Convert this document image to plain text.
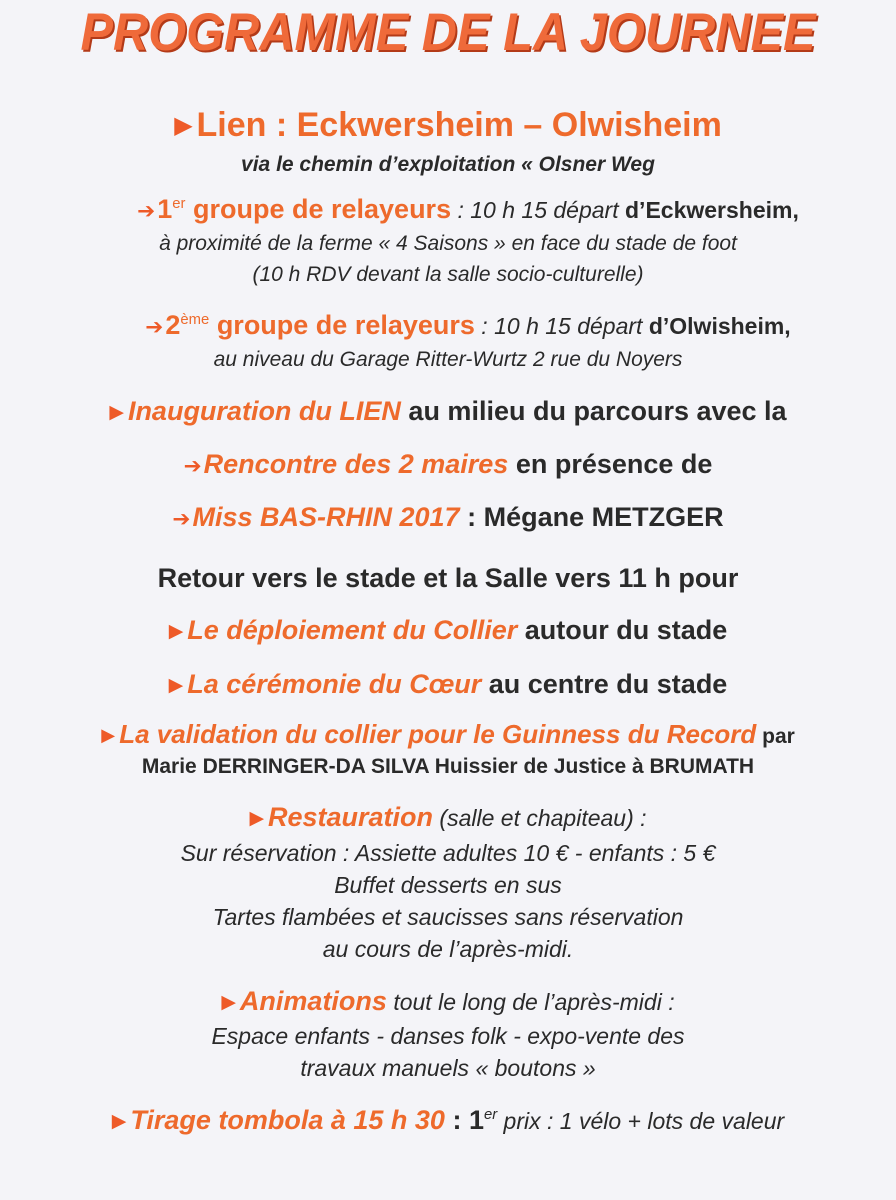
PROGRAMME DE LA JOURNEE
▶ Lien : Eckwersheim – Olwisheim
via le chemin d’exploitation « Olsner Weg
➔1er groupe de relayeurs : 10 h 15 départ d’Eckwersheim,
à proximité de la ferme « 4 Saisons » en face du stade de foot
(10 h RDV devant la salle socio-culturelle)
➔2ème groupe de relayeurs : 10 h 15 départ d’Olwisheim,
au niveau du Garage Ritter-Wurtz 2 rue du Noyers
▶ Inauguration du LIEN au milieu du parcours avec la
➔Rencontre des 2 maires en présence de
➔Miss BAS-RHIN 2017 : Mégane METZGER
Retour vers le stade et la Salle vers 11 h pour
▶ Le déploiement du Collier autour du stade
▶ La cérémonie du Cœur au centre du stade
▶ La validation du collier pour le Guinness du Record par
Marie DERRINGER-DA SILVA Huissier de Justice à BRUMATH
▶ Restauration (salle et chapiteau) :
Sur réservation : Assiette adultes 10 € - enfants : 5 €
Buffet desserts en sus
Tartes flambées et saucisses sans réservation
au cours de l’après-midi.
▶ Animations tout le long de l’après-midi :
Espace enfants - danses folk - expo-vente des
travaux manuels « boutons »
▶ Tirage tombola à 15 h 30 : 1er prix : 1 vélo + lots de valeur
